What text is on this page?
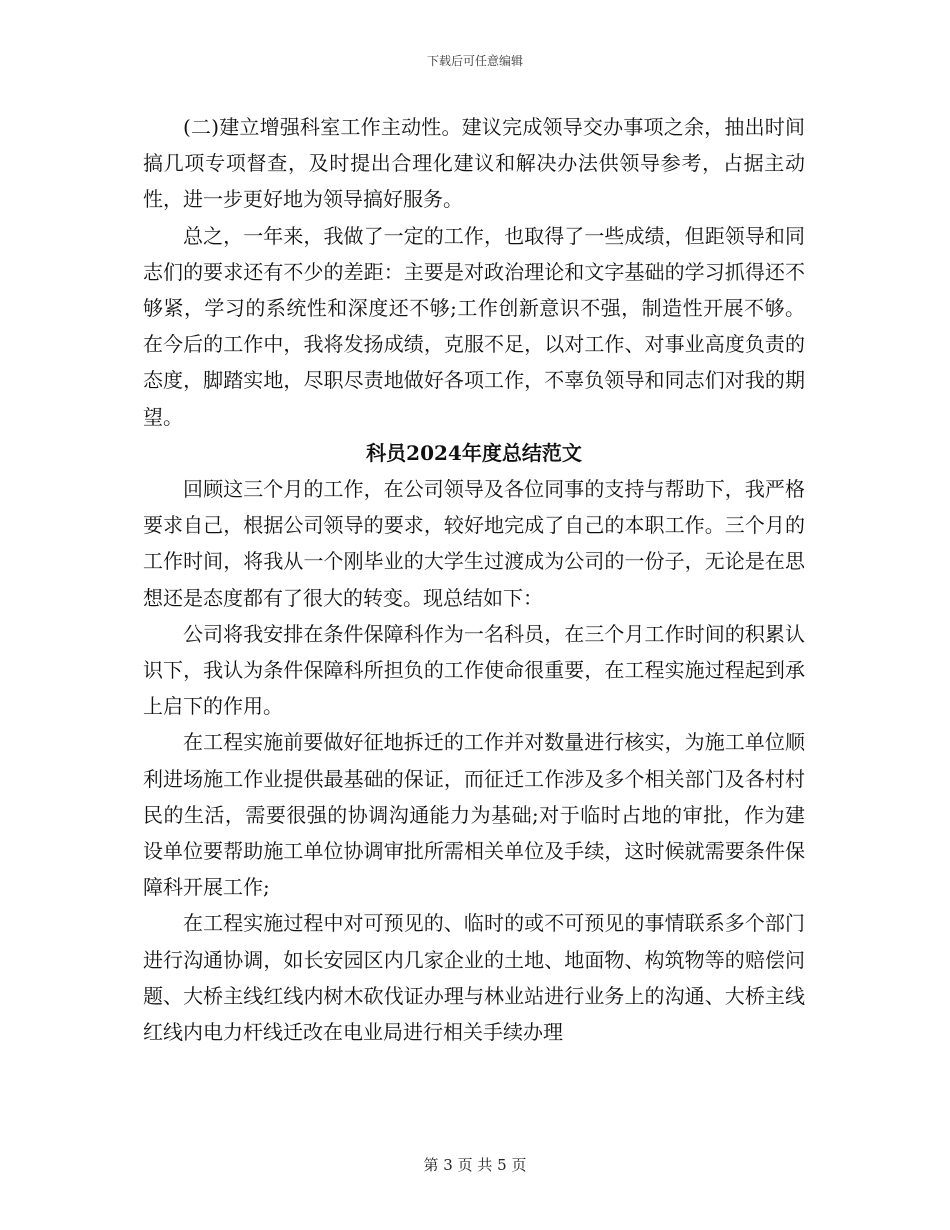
下载后可任意编辑

(二)建立增强科室工作主动性。建议完成领导交办事项之余，抽出时间搞几项专项督查，及时提出合理化建议和解决办法供领导参考，占据主动性，进一步更好地为领导搞好服务。

总之，一年来，我做了一定的工作，也取得了一些成绩，但距领导和同志们的要求还有不少的差距：主要是对政治理论和文字基础的学习抓得还不够紧，学习的系统性和深度还不够;工作创新意识不强，制造性开展不够。在今后的工作中，我将发扬成绩，克服不足，以对工作、对事业高度负责的态度，脚踏实地，尽职尽责地做好各项工作，不辜负领导和同志们对我的期望。

科员2024年度总结范文

回顾这三个月的工作，在公司领导及各位同事的支持与帮助下，我严格要求自己，根据公司领导的要求，较好地完成了自己的本职工作。三个月的工作时间，将我从一个刚毕业的大学生过渡成为公司的一份子，无论是在思想还是态度都有了很大的转变。现总结如下：

公司将我安排在条件保障科作为一名科员，在三个月工作时间的积累认识下，我认为条件保障科所担负的工作使命很重要，在工程实施过程起到承上启下的作用。

在工程实施前要做好征地拆迁的工作并对数量进行核实，为施工单位顺利进场施工作业提供最基础的保证，而征迁工作涉及多个相关部门及各村村民的生活，需要很强的协调沟通能力为基础;对于临时占地的审批，作为建设单位要帮助施工单位协调审批所需相关单位及手续，这时候就需要条件保障科开展工作;

在工程实施过程中对可预见的、临时的或不可预见的事情联系多个部门进行沟通协调，如长安园区内几家企业的土地、地面物、构筑物等的赔偿问题、大桥主线红线内树木砍伐证办理与林业站进行业务上的沟通、大桥主线红线内电力杆线迁改在电业局进行相关手续办理

第 3 页 共 5 页
